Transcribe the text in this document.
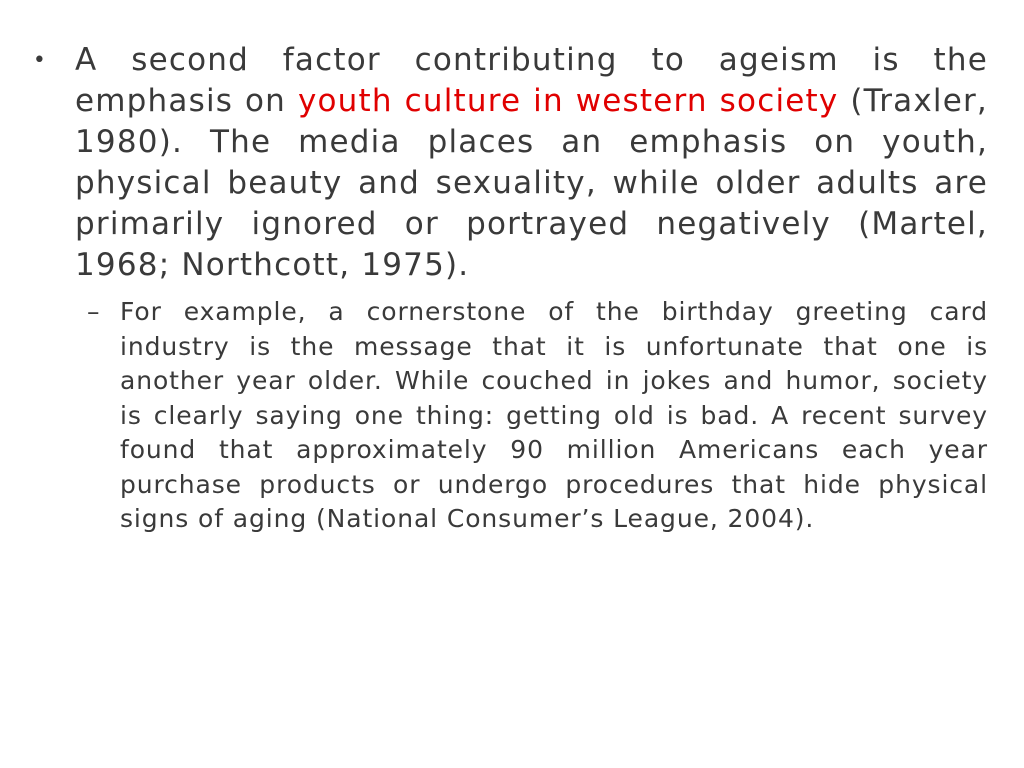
• A second factor contributing to ageism is the emphasis on youth culture in western society (Traxler, 1980). The media places an emphasis on youth, physical beauty and sexuality, while older adults are primarily ignored or portrayed negatively (Martel, 1968; Northcott, 1975).
– For example, a cornerstone of the birthday greeting card industry is the message that it is unfortunate that one is another year older. While couched in jokes and humor, society is clearly saying one thing: getting old is bad. A recent survey found that approximately 90 million Americans each year purchase products or undergo procedures that hide physical signs of aging (National Consumer’s League, 2004).
